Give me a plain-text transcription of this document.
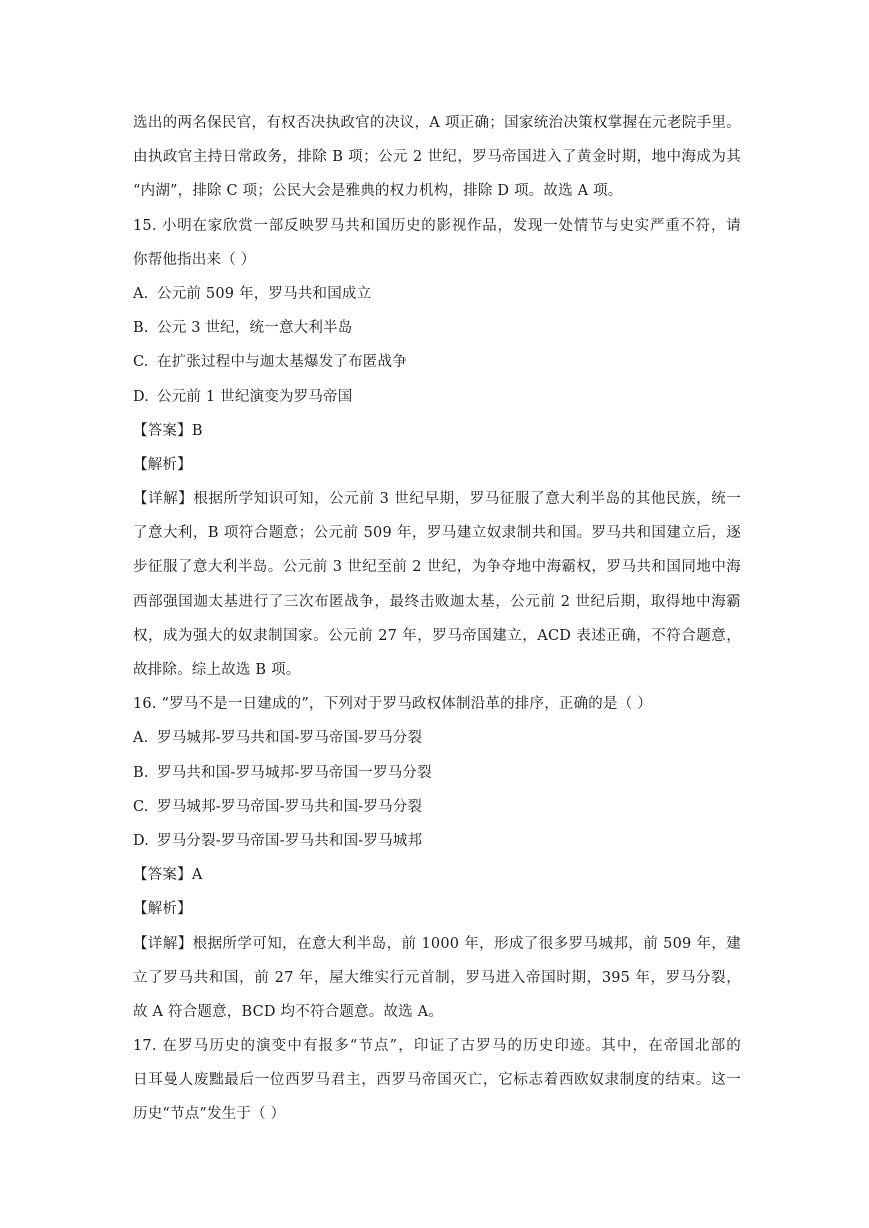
选出的两名保民官，有权否决执政官的决议，A 项正确；国家统治决策权掌握在元老院手里。
由执政官主持日常政务，排除 B 项；公元 2 世纪，罗马帝国进入了黄金时期，地中海成为其
“内湖”，排除 C 项；公民大会是雅典的权力机构，排除 D 项。故选 A 项。
15. 小明在家欣赏一部反映罗马共和国历史的影视作品，发现一处情节与史实严重不符，请
你帮他指出来（ ）
A. 公元前 509 年，罗马共和国成立
B. 公元 3 世纪，统一意大利半岛
C. 在扩张过程中与迦太基爆发了布匿战争
D. 公元前 1 世纪演变为罗马帝国
【答案】B
【解析】
【详解】根据所学知识可知，公元前 3 世纪早期，罗马征服了意大利半岛的其他民族，统一
了意大利，B 项符合题意；公元前 509 年，罗马建立奴隶制共和国。罗马共和国建立后，逐
步征服了意大利半岛。公元前 3 世纪至前 2 世纪，为争夺地中海霸权，罗马共和国同地中海
西部强国迦太基进行了三次布匿战争，最终击败迦太基，公元前 2 世纪后期，取得地中海霸
权，成为强大的奴隶制国家。公元前 27 年，罗马帝国建立，ACD 表述正确，不符合题意，
故排除。综上故选 B 项。
16. “罗马不是一日建成的”，下列对于罗马政权体制沿革的排序，正确的是（ ）
A. 罗马城邦-罗马共和国-罗马帝国-罗马分裂
B. 罗马共和国-罗马城邦-罗马帝国一罗马分裂
C. 罗马城邦-罗马帝国-罗马共和国-罗马分裂
D. 罗马分裂-罗马帝国-罗马共和国-罗马城邦
【答案】A
【解析】
【详解】根据所学可知，在意大利半岛，前 1000 年，形成了很多罗马城邦，前 509 年，建
立了罗马共和国，前 27 年，屋大维实行元首制，罗马进入帝国时期，395 年，罗马分裂，
故 A 符合题意，BCD 均不符合题意。故选 A。
17. 在罗马历史的演变中有报多“节点”，印证了古罗马的历史印迹。其中，在帝国北部的
日耳曼人废黜最后一位西罗马君主，西罗马帝国灭亡，它标志着西欧奴隶制度的结束。这一
历史“节点”发生于（ ）
